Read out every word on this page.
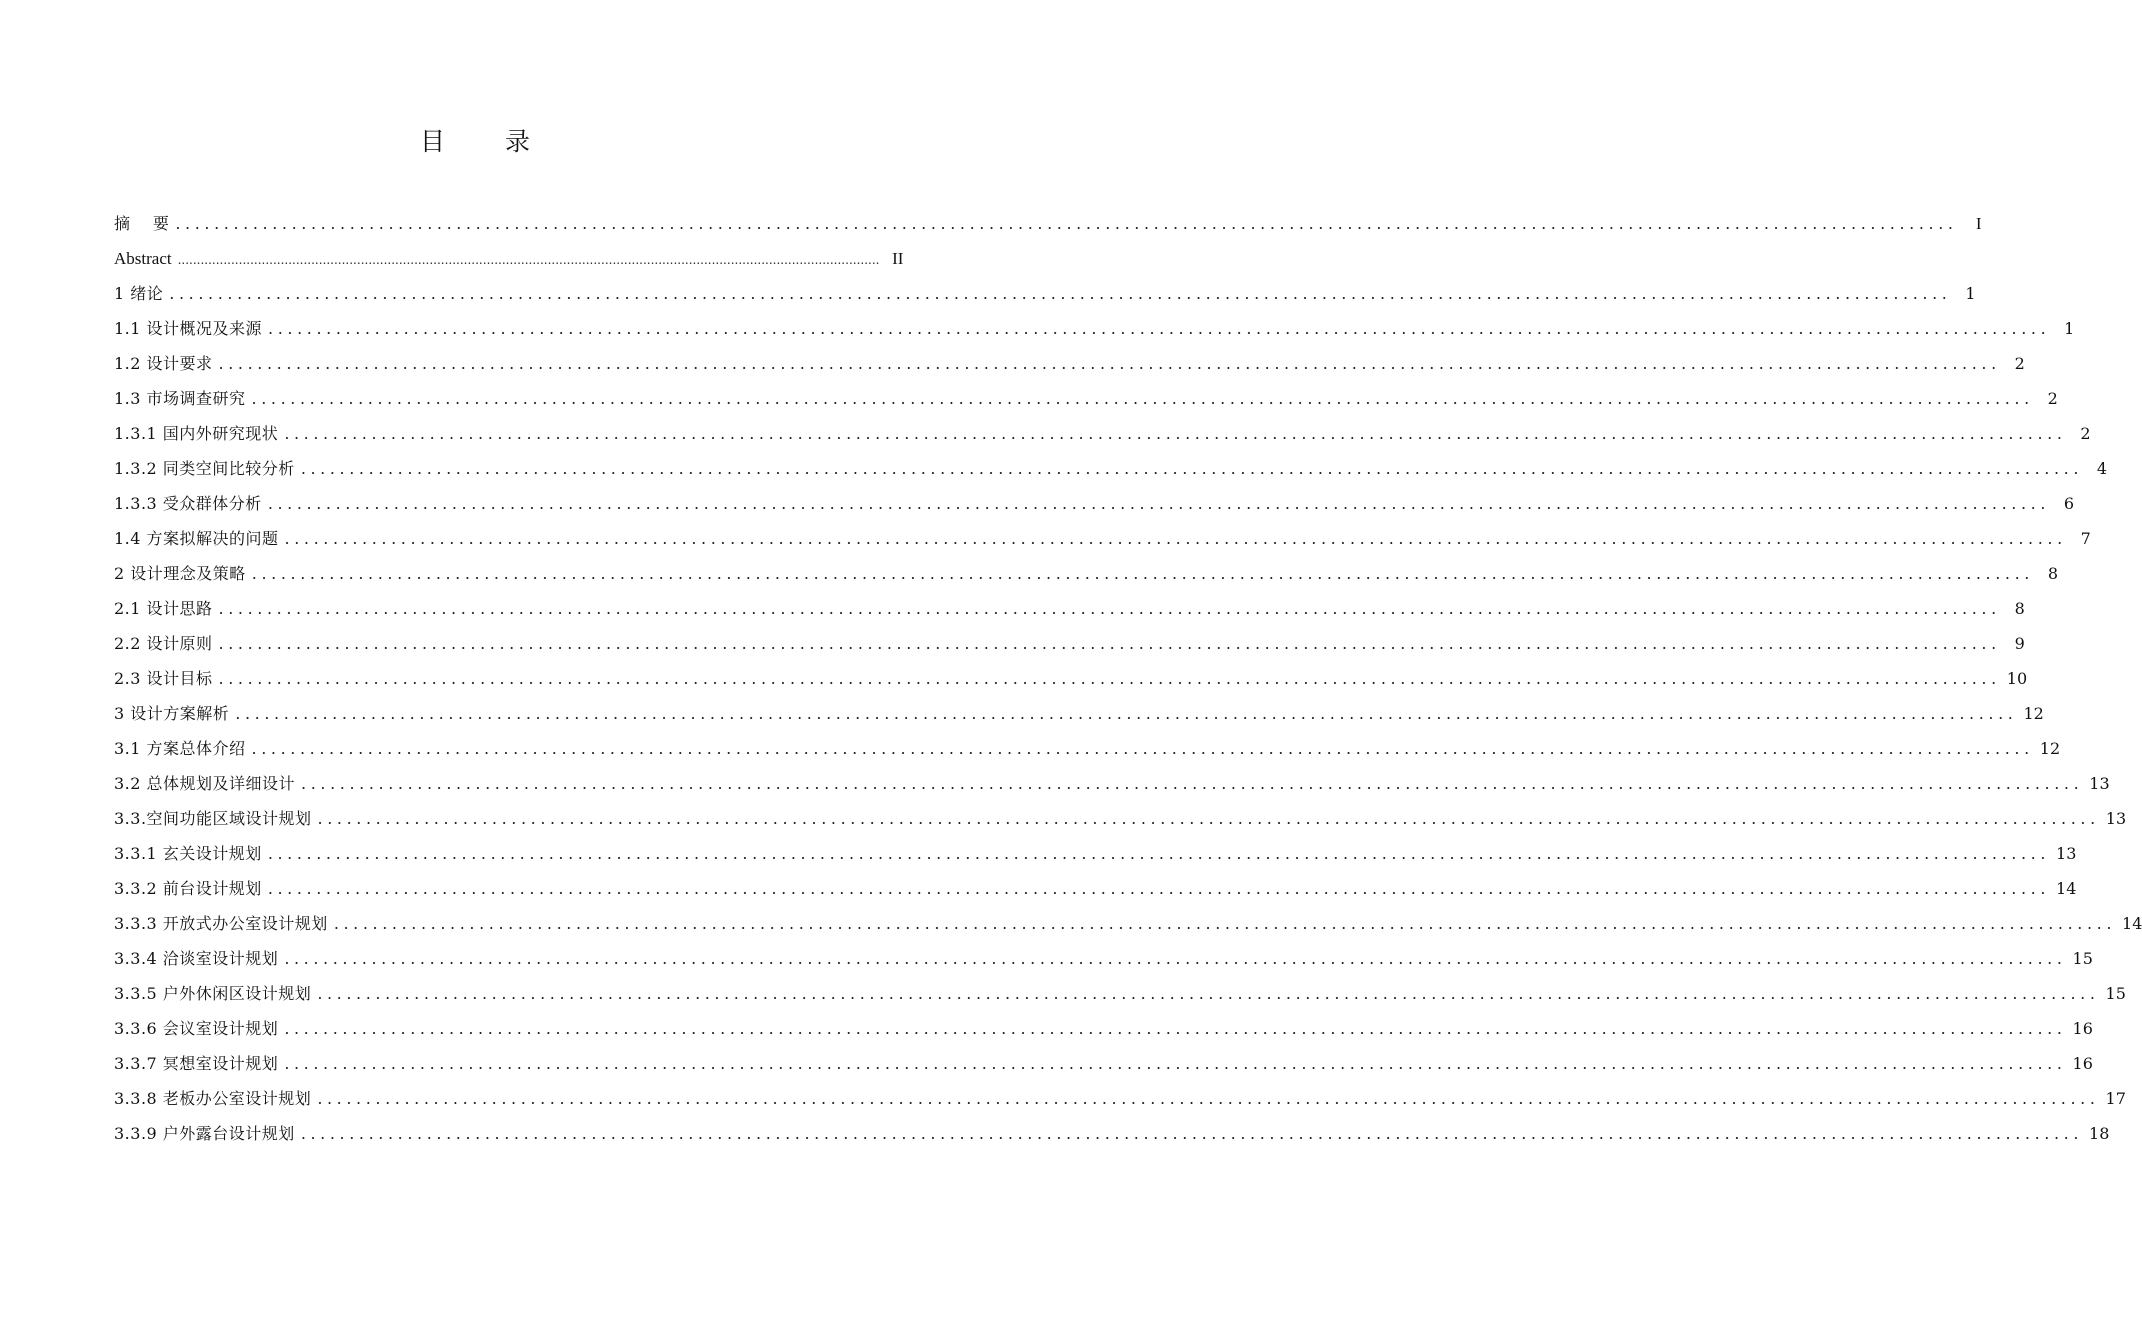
目 录
摘    要 ........................................................................................................................................................................................	I
Abstract ........................................................................................................................................................................................ II
1 绪论 ........................................................................................................................................................................................ 1
1.1 设计概况及来源 ........................................................................................................................................................................................ 1
1.2 设计要求 ........................................................................................................................................................................................ 2
1.3 市场调查研究 ........................................................................................................................................................................................ 2
1.3.1 国内外研究现状 ........................................................................................................................................................................................ 2
1.3.2 同类空间比较分析 ........................................................................................................................................................................................ 4
1.3.3 受众群体分析 ........................................................................................................................................................................................ 6
1.4 方案拟解决的问题 ........................................................................................................................................................................................ 7
2 设计理念及策略 ........................................................................................................................................................................................ 8
2.1 设计思路 ........................................................................................................................................................................................ 8
2.2 设计原则 ........................................................................................................................................................................................ 9
2.3 设计目标 ........................................................................................................................................................................................ 10
3 设计方案解析 ........................................................................................................................................................................................ 12
3.1 方案总体介绍 ........................................................................................................................................................................................ 12
3.2 总体规划及详细设计 ........................................................................................................................................................................................ 13
3.3.空间功能区域设计规划 ........................................................................................................................................................................................ 13
3.3.1 玄关设计规划 ........................................................................................................................................................................................ 13
3.3.2 前台设计规划 ........................................................................................................................................................................................ 14
3.3.3 开放式办公室设计规划 ........................................................................................................................................................................................ 14
3.3.4 洽谈室设计规划 ........................................................................................................................................................................................ 15
3.3.5 户外休闲区设计规划 ........................................................................................................................................................................................ 15
3.3.6 会议室设计规划 ........................................................................................................................................................................................ 16
3.3.7 冥想室设计规划 ........................................................................................................................................................................................ 16
3.3.8 老板办公室设计规划 ........................................................................................................................................................................................ 17
3.3.9 户外露台设计规划 ........................................................................................................................................................................................ 18
